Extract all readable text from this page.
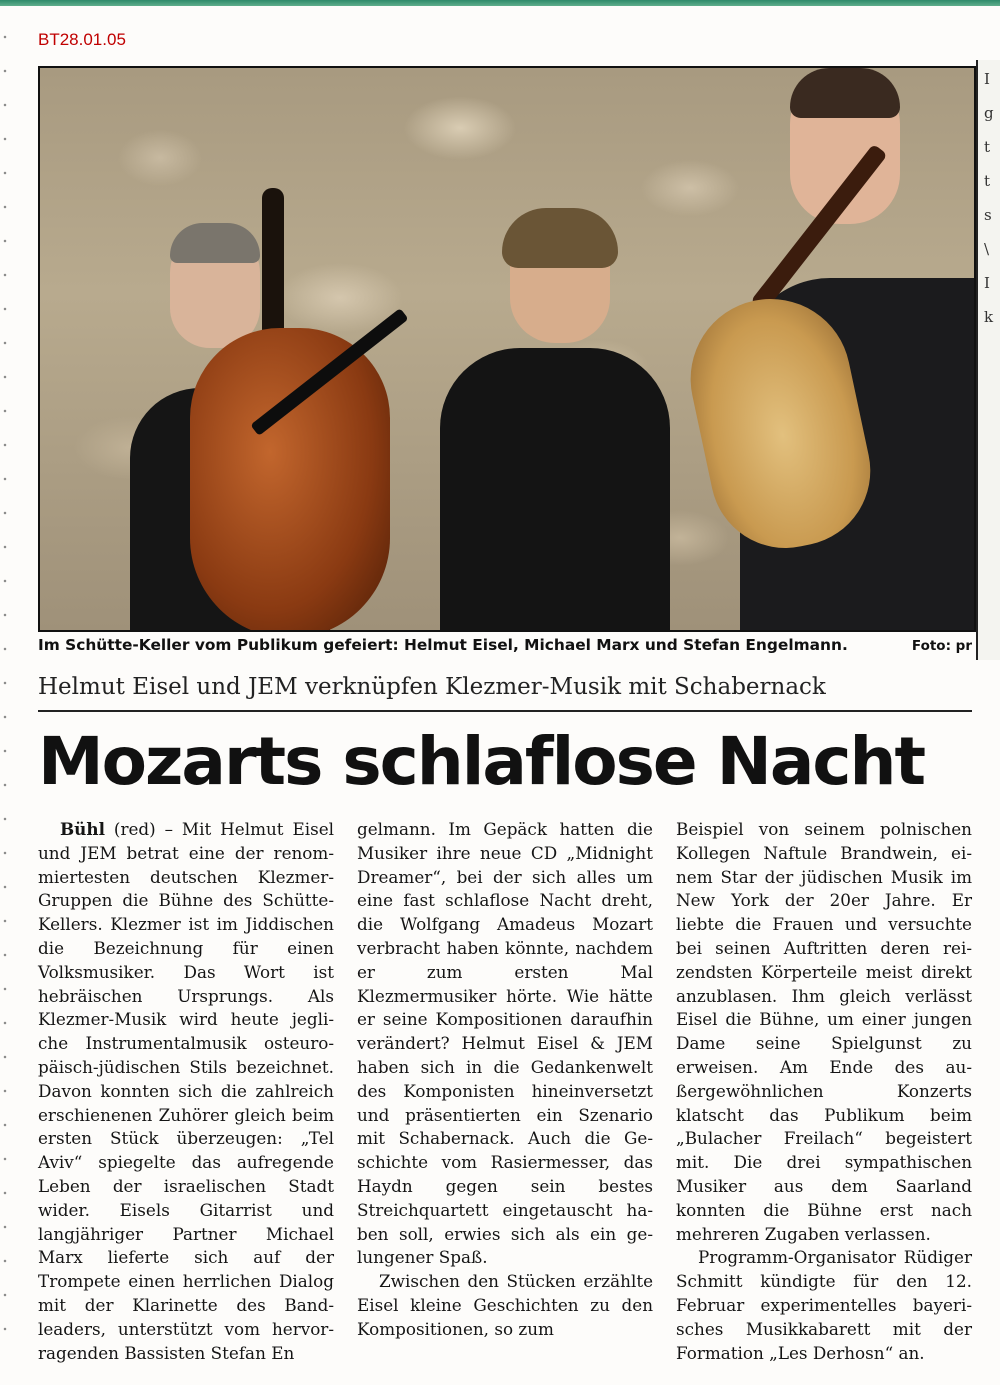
I
g
t
t
s
\
I
k
BT28.01.05
Im Schütte-Keller vom Publikum gefeiert: Helmut Eisel, Michael Marx und Stefan Engelmann.	Foto: pr
Helmut Eisel und JEM verknüpfen Klezmer-Musik mit Schabernack
Mozarts schlaflose Nacht

Bühl (red) – Mit Helmut Eisel und JEM betrat eine der renommiertesten deutschen Klezmer-Gruppen die Bühne des Schütte-Kellers. Klezmer ist im Jiddischen die Bezeichnung für einen Volksmusiker. Das Wort ist hebräischen Ursprungs. Als Klezmer-Musik wird heute jegliche Instrumentalmusik osteuropäisch-jüdischen Stils bezeichnet. Davon konnten sich die zahlreich erschienenen Zuhörer gleich beim ersten Stück überzeugen: „Tel Aviv“ spiegelte das aufregende Leben der israelischen Stadt wider. Eisels Gitarrist und langjähriger Partner Michael Marx lieferte sich auf der Trompete einen herrlichen Dialog mit der Klarinette des Bandleaders, unterstützt vom hervorragenden Bassisten Stefan En

gelmann. Im Gepäck hatten die Musiker ihre neue CD „Midnight Dreamer“, bei der sich alles um eine fast schlaflose Nacht dreht, die Wolfgang Amadeus Mozart verbracht haben könnte, nachdem er zum ersten Mal Klezmermusiker hörte. Wie hätte er seine Kompositionen daraufhin verändert? Helmut Eisel & JEM haben sich in die Gedankenwelt des Komponisten hineinversetzt und präsentierten ein Szenario mit Schabernack. Auch die Geschichte vom Rasiermesser, das Haydn gegen sein bestes Streichquartett eingetauscht haben soll, erwies sich als ein gelungener Spaß.

Zwischen den Stücken erzählte Eisel kleine Geschichten zu den Kompositionen, so zum

Beispiel von seinem polnischen Kollegen Naftule Brandwein, einem Star der jüdischen Musik im New York der 20er Jahre. Er liebte die Frauen und versuchte bei seinen Auftritten deren reizendsten Körperteile meist direkt anzublasen. Ihm gleich verlässt Eisel die Bühne, um einer jungen Dame seine Spielgunst zu erweisen. Am Ende des außergewöhnlichen Konzerts klatscht das Publikum beim „Bulacher Freilach“ begeistert mit. Die drei sympathischen Musiker aus dem Saarland konnten die Bühne erst nach mehreren Zugaben verlassen.

Programm-Organisator Rüdiger Schmitt kündigte für den 12. Februar experimentelles bayerisches Musikkabarett mit der Formation „Les Derhosn“ an.
